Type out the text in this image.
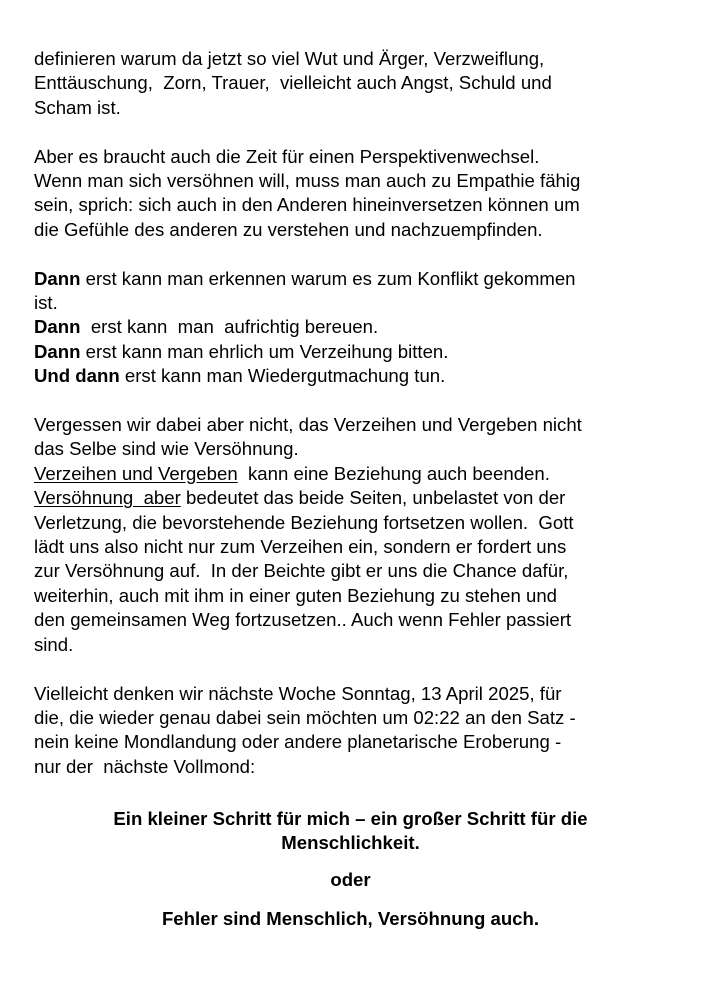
definieren warum da jetzt so viel Wut und Ärger, Verzweiflung,

Enttäuschung,  Zorn, Trauer,  vielleicht auch Angst, Schuld und

Scham ist.

Aber es braucht auch die Zeit für einen Perspektivenwechsel.

Wenn man sich versöhnen will, muss man auch zu Empathie fähig

sein, sprich: sich auch in den Anderen hineinversetzen können um

die Gefühle des anderen zu verstehen und nachzuempfinden.

Dann erst kann man erkennen warum es zum Konflikt gekommen

ist.

Dann  erst kann  man  aufrichtig bereuen.

Dann erst kann man ehrlich um Verzeihung bitten.

Und dann erst kann man Wiedergutmachung tun.

Vergessen wir dabei aber nicht, das Verzeihen und Vergeben nicht

das Selbe sind wie Versöhnung.

Verzeihen und Vergeben  kann eine Beziehung auch beenden.

Versöhnung  aber bedeutet das beide Seiten, unbelastet von der

Verletzung, die bevorstehende Beziehung fortsetzen wollen.  Gott

lädt uns also nicht nur zum Verzeihen ein, sondern er fordert uns

zur Versöhnung auf.  In der Beichte gibt er uns die Chance dafür,

weiterhin, auch mit ihm in einer guten Beziehung zu stehen und

den gemeinsamen Weg fortzusetzen.. Auch wenn Fehler passiert

sind.

Vielleicht denken wir nächste Woche Sonntag, 13 April 2025, für

die, die wieder genau dabei sein möchten um 02:22 an den Satz -

nein keine Mondlandung oder andere planetarische Eroberung -

nur der  nächste Vollmond:

Ein kleiner Schritt für mich – ein großer Schritt für die
Menschlichkeit.
oder
Fehler sind Menschlich, Versöhnung auch.
